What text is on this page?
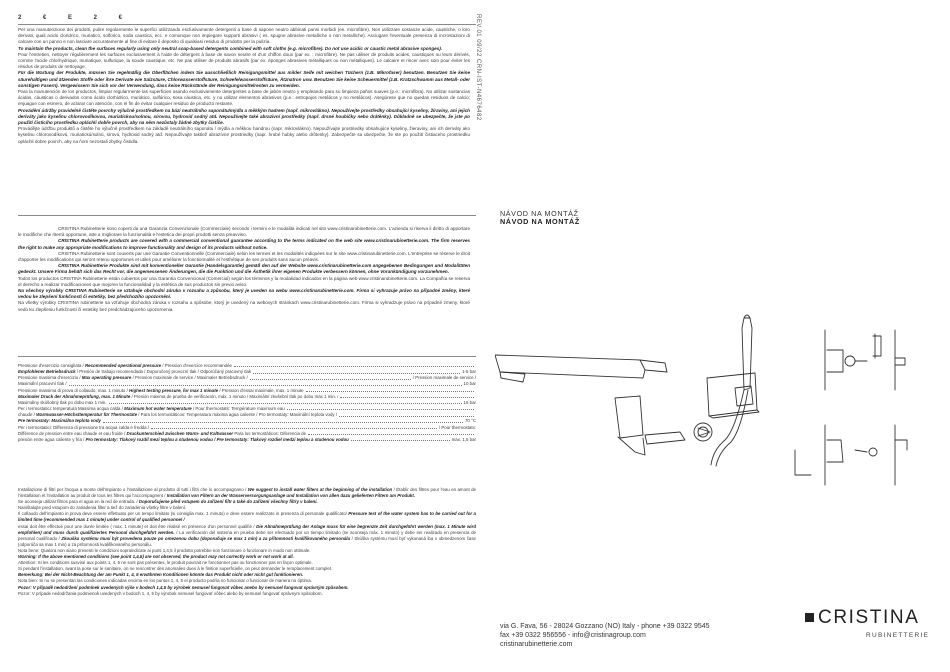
2 € E 2 €	REV.01 09/22 CRN-IST-N4676482

Per una manutenzione dei prodotti, pulire regolarmente le superfici utilizzando esclusivamente detergenti a base di sapone neutro abbinati panni morbidi (es. microfibre). Non utilizzare sostanze acide, caustiche, o loro derivati, quali acido cloridrico, muriatico, solforico, soda caustica, ecc. e comunque non impiegare supporti abrasivi ( es. spugne abrasive metalliche o non metalliche). Asciugare l'eventuale presenza di incrostazioni di calcare con un panno e non lasciare accuratamente al fine di evitare il deposito di qualsiasi residuo di prodotto per la pulizia.

To maintain the products, clean the surfaces regularly using only neutral soap-based detergents combined with soft cloths (e.g. microfibre). Do not use acidic or caustic metal abrasive sponges).

Pour l'entretien, nettoyer régulièrement les surfaces exclusivement à l'aide de détergent à base de savon neutre et d'un chiffon doux (par ex. : microfibre). Ne pas utiliser de produits acides, caustiques ou leurs dérivés, comme l'acide chlorhydrique, muriatique, sulfurique, la soude caustique, etc. Ne pas utiliser de produits abrasifs (par ex. éponges abrasives métalliques ou non métalliques). Le calcaire et rincer avec soin pour éviter les résidus de produits de nettoyage.

Für die Wartung der Produkte, müssen Sie regelmäßig die Oberflächen indem Sie ausschließlich Reinigungsmittel aus milder Seife mit weichen Tüchern (z.B. Mikrofaser) benutzen. Benutzen Sie keine säurehaltigen und ätzenden Stoffe oder ihre Derivate wie Salzsäure, Chlorwasserstoffsäure, Schwefelwasserstoffsäure, Ätznatron usw. Benutzen Sie keine Scheuermittel (z.B. Kratzschwamm aus Metall- oder sonstigen Fasern). Vergewissern Sie sich vor der Verwendung, dass keine Rückstände der Reinigungsmittelresten zu vermeiden.

Para la manutención de los productos, limpiar regularmente las superficies usando exclusivamente detergentes a base de jabón neutro y empleando para su limpieza paños suaves (p.e.: microfibra). No utilizar sustancias ácidas, cáusticas o derivados como ácido clorhídrico, muriático, sulfúrico, sosa cáustica, etc. y no utilizar elementos abrasivos (p.e.: estropajos metálicos y no metálicos). Asegúrese que no quedan residuos de calcio; enjuague con esmero, de aclarar con atención, con el fin de evitar cualquier residuo de producto restante.

Provádění údržby pravidelně čistěte povrchy výlučně prostředkem na bázi neutrálního saponátu/mýdla a měkkým hadrem (např. mikrovlákno). Nepoužívejte prostředky obsahující kyseliny, žíraviny, ani jejich deriváty jako kyselinu chlorovodíkovou, muriatickou/solnou, sírovou, hydroxid sodný atd. Nepoužívejte také abrazivní prostředky (např. drsné houbičky nebo drátěnky). Důkladně se ubezpečte, že jste po použití čisticího prostředku opláchli dobře povrch, aby na něm nezůstaly žádné zbytky čističe.

Provádějte údržbu produktů a čistěte ho výlučně prostředkem na základě neutrálního saponátu / mýdla a měkkou handrou (napr. mikrovlákno). Nepoužívajte prostriedky obsahujúce kyseliny, žieraviny, ani ich deriváty ako kyselinu chlorovodíkovú, muriatickú/solnú, sírovú, hydroxid sodný atď. Nepoužívajte taktiež abrazívne prostriedky (napr. hrubé hubky alebo drôtenky). Zabezpečte sa ubezpečte, že ste po použití čistiaceho prostriedku opláchli dobre povrch, aby na ňom nezostali zbytky čistidla.

CRISTINA Rubinetterie sono coperti da una Garanzia Convenzionale (Commerciale) secondo i termini e le modalità indicati nel sito www.cristinarubinetterie.com. L'azienda si riserva il diritto di apportare le modifiche che riterrà opportune, atte a migliorare la funzionalità e l'estetica dei propri prodotti senza preavviso.

CRISTINA Rubinetterie products are covered with a commercial conventional guarantee according to the terms indicated on the web site www.cristinarubinetterie.com. The firm reserves the right to make any appropriate modifications to improve functionality and design of its products without notice.

CRISTINA Rubinetterie sont couverts par une Garantie Conventionnelle (Commerciale) selon les termes et les modalités indiquées sur le site www.cristinarubinetterie.com. L'entreprise se réserve le droit d'apporter les modifications qui seront retenu opportunes et utiles pour améliorer la fonctionnalité et l'esthétique de ses produits sans aucun préavis.

CRISTINA Rubinetterie Produkte sind mit konventioneller Garantie (Handelsgarantie) gemäß den auf der Website www.cristinarubinetterie.com angegebenen Bedingungen und Modalitäten gedeckt. Unsere Firma behält sich das Recht vor, die angemessenen Änderungen, die die Funktion und die Ästhetik ihrer eigenen Produkte verbessern können, ohne Vorankündigung vorzunehmen.

Todos los productos CRISTINA Rubinetterie están cubiertos por una Garantía Convencional (Comercial) según los términos y la modalidad indicados en la página web www.cristinarubinetterie.com. La Compañía se reserva el derecho a realizar modificaciones que mejoren la funcionalidad y la estética de sus productos sin previo aviso.

Na všechny výrobky CRISTINA Rubinetterie se vztahuje obchodní záruka v rozsahu a způsobu, který je uveden na webu www.cristinarubinetterie.com. Firma si vyhrazuje právo na případné změny, které vedou ke zlepšení funkčnosti či estetiky, bez předchozího upozornění.

Na všetky výrobky CRISTINA rubinetterie sa vzťahuje obchodná záruka v rozsahu a spôsobe, ktorý je uvedený na webovych stránkach www.cristinarubinetterie.com. Firma si vyhradzuje právo na prípadné zmeny, ktoré vedú ku zlepšeniu funkčnosti či estetiky bez predchádzajúceho upozornenia.

Pressione d'esercizio consigliata / Recommended operational pressure / Pression d'exercice recommandée
Empfohlener Betriebsdruck / Presión de trabajo recomendada / Doporučený provozní tlak / Odporúčaný pracovný tlak	1-5 bar
Pressione massima d'esercizio / Max operating pressure / Pression maximale de service / Maximaler Betriebsdruck /	/ Pression maximale de service /
Maximální pracovní tlak /	10 bar
Pressione massima di prova di collaudo, max. 1 minuto / Highest testing pressure, for max 1 minute / Pression d'essai maximale, max. 1 minute
Maximaler Druck der Abnahmeprüfung, max. 1 Minute / Presión máxima de prueba de verificación, máx. 1 minuto / Maximální zkušební tlak po dobu max 1 min. /
Maximálny skúšobný tlak po dobu max 1 min.	16 bar
Per i termostatici: temperatura Massima acqua calda / Maximum hot water temperature / Pour thermostats: Température maximum eau
chaude / Warmwasser-Höchsttemperatur für Thermostate / Para los termostáticos: Temperatura máxima agua caliente / Pro termostaty: Maximální teplota vody /
Pre termostaty: Maximálna teplota vody	70 °C
Per i termostatici: Differenza di pressione tra acqua calda e fredda /	/ Pour thermostats:
Différence de pression entre eau chaude et eau froide / Druckunterschied zwischen Warm- und Kaltwasser Para los termostáticos: Diferencia de
presión entre agua caliente y fría / Pro termostaty: Tlakový rozdíl mezi teplou a studenou vodou / Pre termostaty: Tlakový rozdiel medzi teplou a studenou vodou	max. 1,5 bar

Installazione di filtri per l'acqua a monte dell'impianto o l'installazione al prodotto di tutti i filtri che lo accompagnano / We suggest to install water filters at the beginning of the installation / Établir des filtres pour l'eau en amont de l'installation et l'installation au produit de tous les filtres qui l'accompagnent / Installation von Filtern an der Wasserversorgungsanlage und Installation von allen dazu gelieferten Filtern am Produkt.

Se aconseja utilizar filtros para el agua en la red de entrada. / Doporučujeme před vstupem do zařízení filtr a také do zařízení všechny filtry v balení.

Nainštalujte pred vstupom do zariadenia filter a tiež do zariadenia všetky filtre v balení.

Il collaudo dell'impianto in prova deve essere effettuato per un tempo limitato (si consiglia max. 1 minuto) e deve essere realizzato in presenza di personale qualificato/ Pressure test of the water system has to be carried out for a limited time (recommended max 1 minute) under control of qualified personnel /

essai doit être effectué pour une durée limitée ( max. 1 minute) et doit être réalisé en présence d'un personnel qualifié / Die Abnahmeprüfung der Anlage muss für eine begrenzte Zeit durchgeführt werden (max. 1 Minute wird empfohlen) und muss durch qualifiziertes Personal durchgeführt werden. / La verificación del sistema en prueba debe ser efectuado por un tiempo limitado (se aconseja máx. 1 minuto) y debe ser realizado en presencia de personal cualificado / Zkouška systému musí být provedena pouze po omezenou dobu (doporučuje se max 1 min) a za přítomnosti kvalifikovaného personálu / Skúška systému musí byť vykonaná iba v obmedzenom čase (odporúča sa max 1 min) a za prítomnosti kvalifikovaného personálu.

Nota bene: Qualora non siano presenti le condizioni sopraindicate ai punti 1,4,5 il prodotto potrebbe non funzionare o funzionare in modo non ottimale.

Warning: If the above mentioned conditions (see point 1,4,5) are not observed, the product may not correctly work or not work at all.

Attention: Si les conditions susvisé aux points 1, 4, 5 ne sont pas présentes, le produit pourrait ne fonctionner pas ou fonctionner pas en façon optimale.

Si pendant l'installation, avant la pose sur le sanitaire, on ne rencontrer des anomalies dues à le finition superficielle, on peut demander le remplacement complet.

Bemerkung: Bei der Nicht-Beachtung der am Punkt 1, 4, 5 erwähnten Konditionen könnte das Produkt nicht oder nicht gut funktionieren.

Nota bien: Si no se presentan las condiciones indicadas encima en los puntos 1, 4, 5 el producto podría no funcionar o funcionar de manera no óptima.

Pozor: V případě nedodržení podmínek uvedených výše v bodech 1,4,5 by výrobek nemusel fungovat vůbec anebo by nemusel fungovat správným způsobem.

Pozor: V prípade nedodržania podmienok uvedených v bodoch 1, 4, 5 by výrobok nemusel fungovať vôbec alebo by nemusel fungovať správnym spôsobom.

NÁVOD NA MONTÁŽ
NÁVOD NA MONTÁŽ
via G. Fava, 56 - 28024 Gozzano (NO) Italy - phone +39 0322 9545
fax +39 0322 956556 - info@cristinagroup.com
cristinarubinetterie.com
CRISTINA
RUBINETTERIE
